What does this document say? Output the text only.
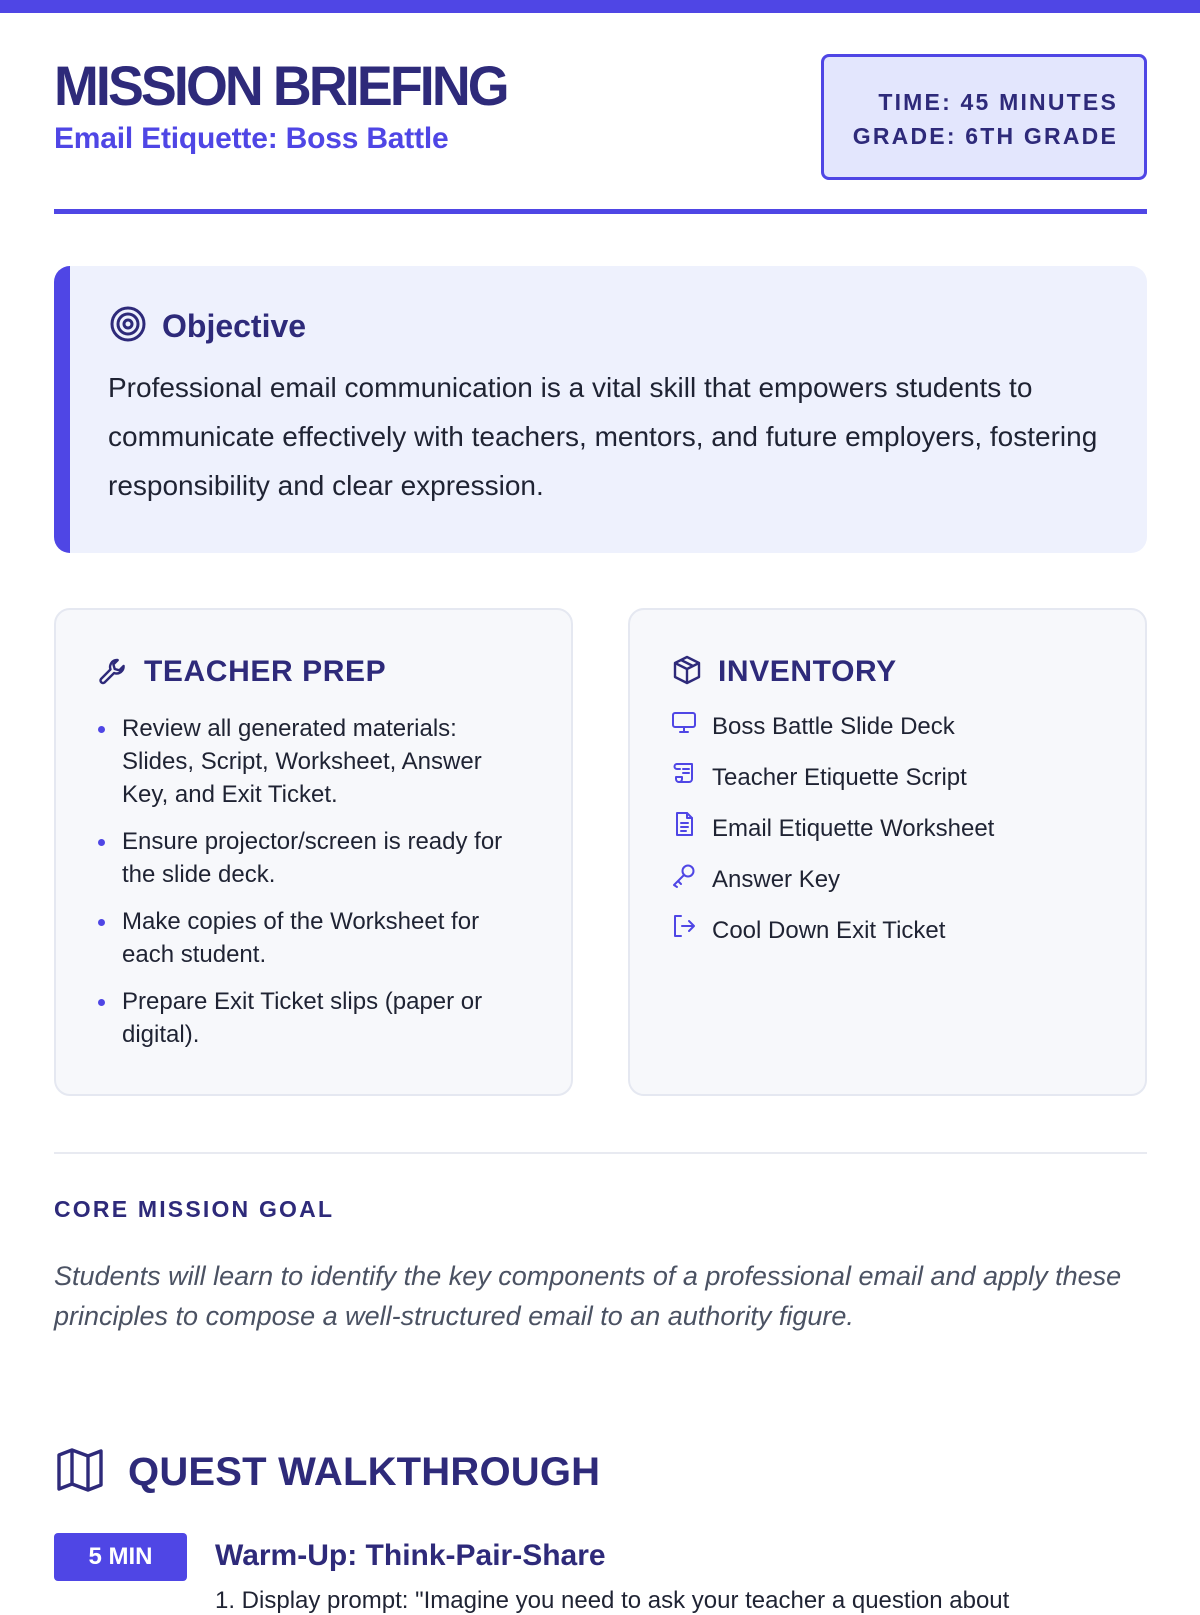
MISSION BRIEFING
Email Etiquette: Boss Battle
TIME: 45 MINUTES
GRADE: 6TH GRADE
Objective

Professional email communication is a vital skill that empowers students to communicate effectively with teachers, mentors, and future employers, fostering responsibility and clear expression.

TEACHER PREP
Review all generated materials: Slides, Script, Worksheet, Answer Key, and Exit Ticket.
Ensure projector/screen is ready for the slide deck.
Make copies of the Worksheet for each student.
Prepare Exit Ticket slips (paper or digital).
INVENTORY
Boss Battle Slide Deck
Teacher Etiquette Script
Email Etiquette Worksheet
Answer Key
Cool Down Exit Ticket
CORE MISSION GOAL

Students will learn to identify the key components of a professional email and apply these principles to compose a well-structured email to an authority figure.

QUEST WALKTHROUGH
5 MIN	Warm-Up: Think-Pair-Share
1. Display prompt: "Imagine you need to ask your teacher a question about
